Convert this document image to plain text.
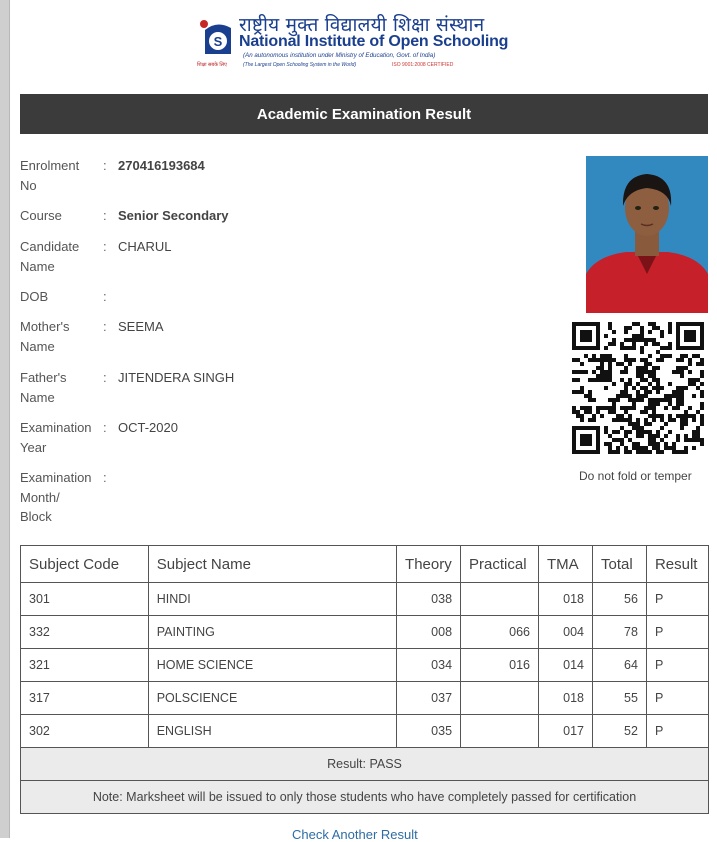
S
राष्ट्रीय मुक्त विद्यालयी शिक्षा संस्थान
National Institute of Open Schooling
(An autonomous institution under Ministry of Education, Govt. of India)
शिक्षा सबके लिए	(The Largest Open Schooling System in the World)	ISO 9001:2008 CERTIFIED
Academic Examination Result
Enrolment
No
: 270416193684
Course	: Senior Secondary
Candidate
Name
: CHARUL
DOB	:
Mother's
Name
: SEEMA
Father's
Name
: JITENDERA SINGH
Examination
Year
: OCT-2020
Examination
Month/
Block
:	Do not fold or temper
Subject Code	Subject Name	Theory	Practical	TMA	Total	Result
301	HINDI	038		018	56	P
332	PAINTING	008	066	004	78	P
321	HOME SCIENCE	034	016	014	64	P
317	POLSCIENCE	037		018	55	P
302	ENGLISH	035		017	52	P
Result: PASS						
Note: Marksheet will be issued to only those students who have completely passed for certification						
Check Another Result
